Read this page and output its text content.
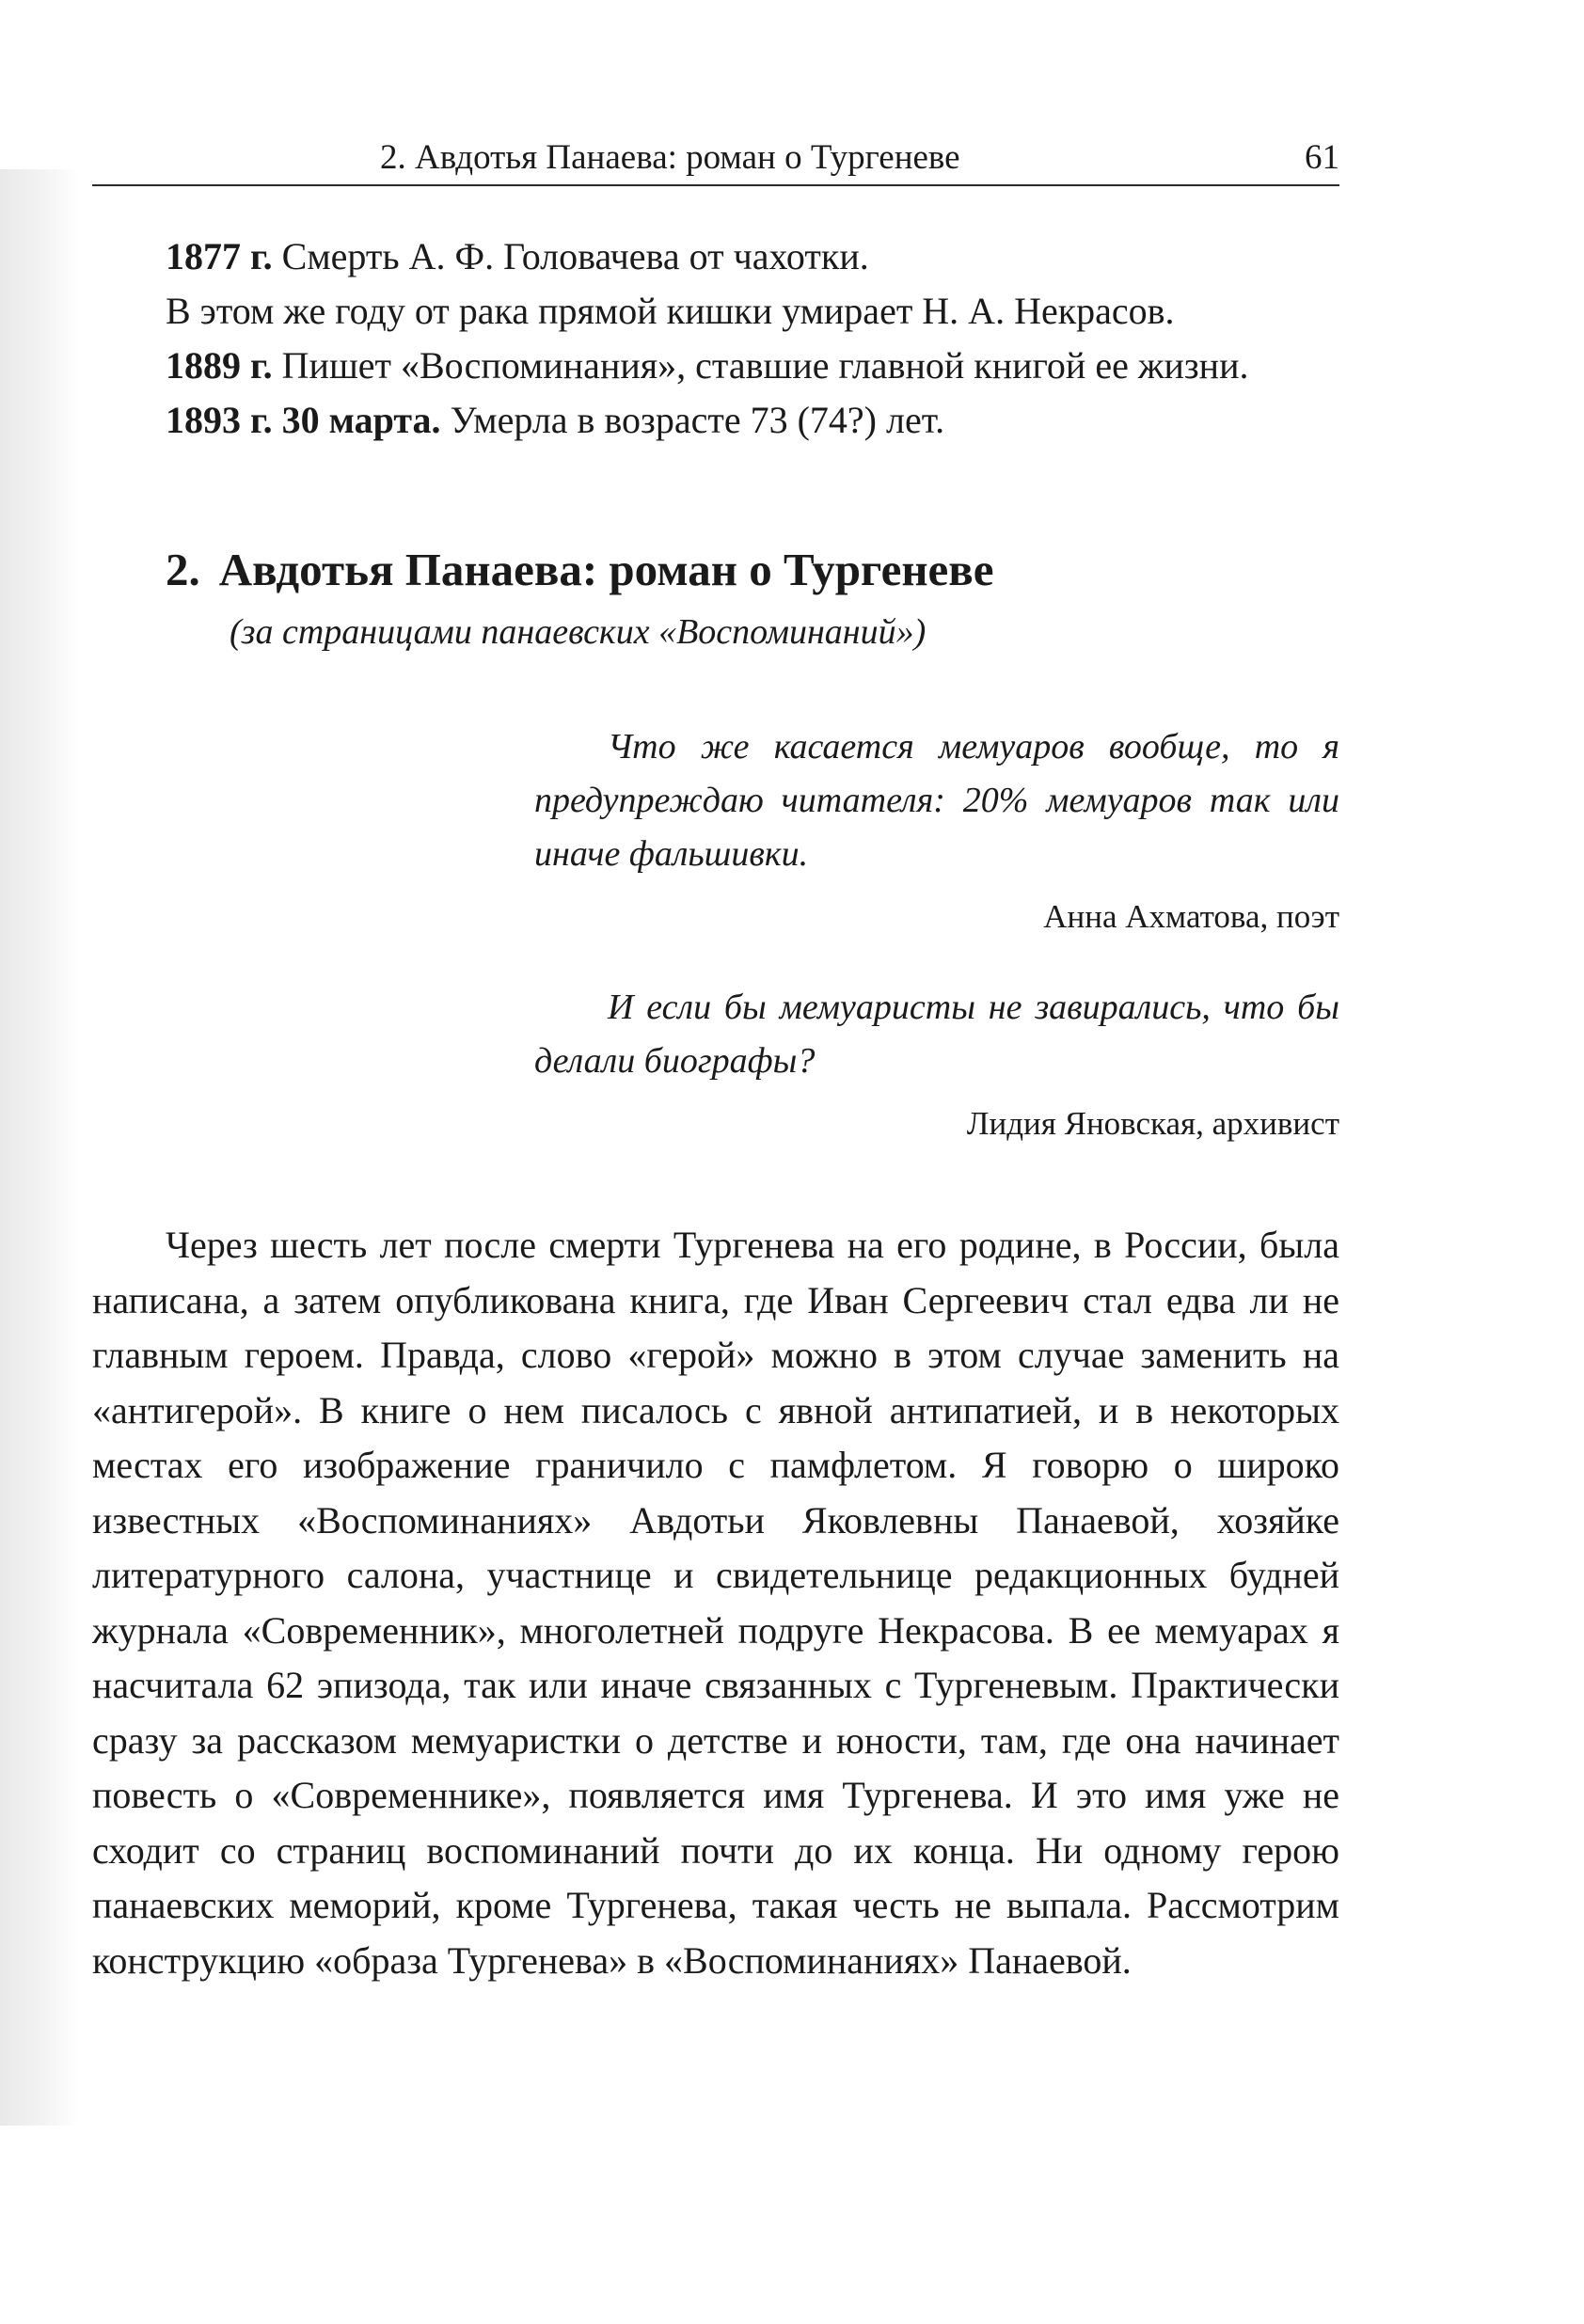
2. Авдотья Панаева: роман о Тургеневе	61

1877 г. Смерть А. Ф. Головачева от чахотки.

В этом же году от рака прямой кишки умирает Н. А. Некрасов.

1889 г. Пишет «Воспоминания», ставшие главной книгой ее жизни.

1893 г. 30 марта. Умерла в возрасте 73 (74?) лет.

2. Авдотья Панаева: роман о Тургеневе
(за страницами панаевских «Воспоминаний»)

Что же касается мемуаров вообще, то я предупреждаю читателя: 20% мемуаров так или иначе фальшивки.

Анна Ахматова, поэт

И если бы мемуаристы не завирались, что бы делали биографы?

Лидия Яновская, архивист

Через шесть лет после смерти Тургенева на его родине, в России, была написана, а затем опубликована книга, где Иван Сергеевич стал едва ли не главным героем. Правда, слово «герой» можно в этом случае заменить на «антигерой». В книге о нем писалось с явной антипатией, и в некоторых местах его изображение граничило с памфлетом. Я говорю о широко известных «Воспоминаниях» Авдотьи Яковлевны Панаевой, хозяйке литературного салона, участнице и свидетельнице редакционных будней журнала «Современник», многолетней подруге Некрасова. В ее мемуарах я насчитала 62 эпизода, так или иначе связанных с Тургеневым. Практически сразу за рассказом мемуаристки о детстве и юности, там, где она начинает повесть о «Современнике», появляется имя Тургенева. И это имя уже не сходит со страниц воспоминаний почти до их конца. Ни одному герою панаевских меморий, кроме Тургенева, такая честь не выпала. Рассмотрим конструкцию «образа Тургенева» в «Воспоминаниях» Панаевой.
